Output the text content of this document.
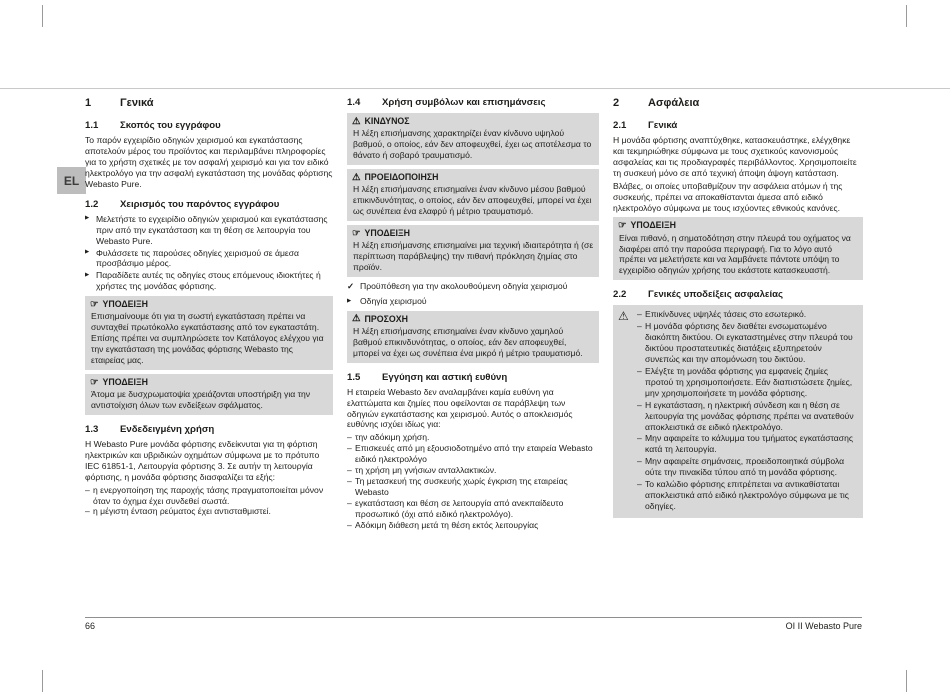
EL
1	Γενικά
1.1	Σκοπός του εγγράφου
Το παρόν εγχειρίδιο οδηγιών χειρισμού και εγκατάστασης αποτελούν μέρος του προϊόντος και περιλαμβάνει πληροφορίες για το χρήστη σχετικές με τον ασφαλή χειρισμό και για τον ειδικό ηλεκτρολόγο για την ασφαλή εγκατάσταση της μονάδας φόρτισης Webasto Pure.
1.2	Χειρισμός του παρόντος εγγράφου
▶ Μελετήστε το εγχειρίδιο οδηγιών χειρισμού και εγκατάστασης πριν από την εγκατάσταση και τη θέση σε λειτουργία του Webasto Pure.
▶ Φυλάσσετε τις παρούσες οδηγίες χειρισμού σε άμεσα προσβάσιμο μέρος.
▶ Παραδίδετε αυτές τις οδηγίες στους επόμενους ιδιοκτήτες ή χρήστες της μονάδας φόρτισης.
☞ ΥΠΟΔΕΙΞΗ
Επισημαίνουμε ότι για τη σωστή εγκατάσταση πρέπει να συνταχθεί πρωτόκολλο εγκατάστασης από τον εγκαταστάτη. Επίσης πρέπει να συμπληρώσετε τον Κατάλογος ελέγχου για την εγκατάσταση της μονάδας φόρτισης Webasto της εταιρείας μας.
☞ ΥΠΟΔΕΙΞΗ
Άτομα με δυσχρωματοψία χρειάζονται υποστήριξη για την αντιστοίχιση όλων των ενδείξεων σφάλματος.
1.3	Ενδεδειγμένη χρήση
Η Webasto Pure μονάδα φόρτισης ενδείκνυται για τη φόρτιση ηλεκτρικών και υβριδικών οχημάτων σύμφωνα με το πρότυπο IEC 61851-1, Λειτουργία φόρτισης 3. Σε αυτήν τη λειτουργία φόρτισης, η μονάδα φόρτισης διασφαλίζει τα εξής:
– η ενεργοποίηση της παροχής τάσης πραγματοποιείται μόνον όταν το όχημα έχει συνδεθεί σωστά.
– η μέγιστη ένταση ρεύματος έχει αντισταθμιστεί.
1.4	Χρήση συμβόλων και επισημάνσεις
⚠ ΚΙΝΔΥΝΟΣ
Η λέξη επισήμανσης χαρακτηρίζει έναν κίνδυνο υψηλού βαθμού, ο οποίος, εάν δεν αποφευχθεί, έχει ως αποτέλεσμα το θάνατο ή σοβαρό τραυματισμό.
⚠ ΠΡΟΕΙΔΟΠΟΙΗΣΗ
Η λέξη επισήμανσης επισημαίνει έναν κίνδυνο μέσου βαθμού επικινδυνότητας, ο οποίος, εάν δεν αποφευχθεί, μπορεί να έχει ως συνέπεια ένα ελαφρύ ή μέτριο τραυματισμό.
☞ ΥΠΟΔΕΙΞΗ
Η λέξη επισήμανσης επισημαίνει μια τεχνική ιδιαιτερότητα ή (σε περίπτωση παράβλεψης) την πιθανή πρόκληση ζημίας στο προϊόν.
✓ Προϋπόθεση για την ακολουθούμενη οδηγία χειρισμού
▶	Οδηγία χειρισμού
⚠ ΠΡΟΣΟΧΗ
Η λέξη επισήμανσης επισημαίνει έναν κίνδυνο χαμηλού βαθμού επικινδυνότητας, ο οποίος, εάν δεν αποφευχθεί, μπορεί να έχει ως συνέπεια ένα μικρό ή μέτριο τραυματισμό.
1.5	Εγγύηση και αστική ευθύνη
Η εταιρεία Webasto δεν αναλαμβάνει καμία ευθύνη για ελαττώματα και ζημίες που οφείλονται σε παράβλεψη των οδηγιών εγκατάστασης και χειρισμού. Αυτός ο αποκλεισμός ευθύνης ισχύει ιδίως για:
– την αδόκιμη χρήση.
– Επισκευές από μη εξουσιοδοτημένο από την εταιρεία Webasto ειδικό ηλεκτρολόγο
– τη χρήση μη γνήσιων ανταλλακτικών.
– Τη μετασκευή της συσκευής χωρίς έγκριση της εταιρείας Webasto
– εγκατάσταση και θέση σε λειτουργία από ανεκπαίδευτο προσωπικό (όχι από ειδικό ηλεκτρολόγο).
– Αδόκιμη διάθεση μετά τη θέση εκτός λειτουργίας
2	Ασφάλεια
2.1	Γενικά
Η μονάδα φόρτισης αναπτύχθηκε, κατασκευάστηκε, ελέγχθηκε και τεκμηριώθηκε σύμφωνα με τους σχετικούς κανονισμούς ασφαλείας και τις προδιαγραφές περιβάλλοντος. Χρησιμοποιείτε τη συσκευή μόνο σε από τεχνική άποψη άψογη κατάσταση.
Βλάβες, οι οποίες υποβαθμίζουν την ασφάλεια ατόμων ή της συσκευής, πρέπει να αποκαθίστανται άμεσα από ειδικό ηλεκτρολόγο σύμφωνα με τους ισχύοντες εθνικούς κανόνες.
☞ ΥΠΟΔΕΙΞΗ
Είναι πιθανό, η σηματοδότηση στην πλευρά του οχήματος να διαφέρει από την παρούσα περιγραφή. Για το λόγο αυτό πρέπει να μελετήσετε και να λαμβάνετε πάντοτε υπόψη το εγχειρίδιο οδηγιών χρήσης του εκάστοτε κατασκευαστή.
2.2	Γενικές υποδείξεις ασφαλείας
⚠	– Επικίνδυνες υψηλές τάσεις στο εσωτερικό.
– Η μονάδα φόρτισης δεν διαθέτει ενσωματωμένο διακόπτη δικτύου. Οι εγκαταστημένες στην πλευρά του δικτύου προστατευτικές διατάξεις εξυπηρετούν συνεπώς και την απομόνωση του δικτύου.
– Ελέγξτε τη μονάδα φόρτισης για εμφανείς ζημίες προτού τη χρησιμοποιήσετε. Εάν διαπιστώσετε ζημίες, μην χρησιμοποιήσετε τη μονάδα φόρτισης.
– Η εγκατάσταση, η ηλεκτρική σύνδεση και η θέση σε λειτουργία της μονάδας φόρτισης πρέπει να ανατεθούν αποκλειστικά σε ειδικό ηλεκτρολόγο.
– Μην αφαιρείτε το κάλυμμα του τμήματος εγκατάστασης κατά τη λειτουργία.
– Μην αφαιρείτε σημάνσεις, προειδοποιητικά σύμβολα ούτε την πινακίδα τύπου από τη μονάδα φόρτισης.
– Το καλώδιο φόρτισης επιτρέπεται να αντικαθίσταται αποκλειστικά από ειδικό ηλεκτρολόγο σύμφωνα με τις οδηγίες.
66	OI II Webasto Pure
